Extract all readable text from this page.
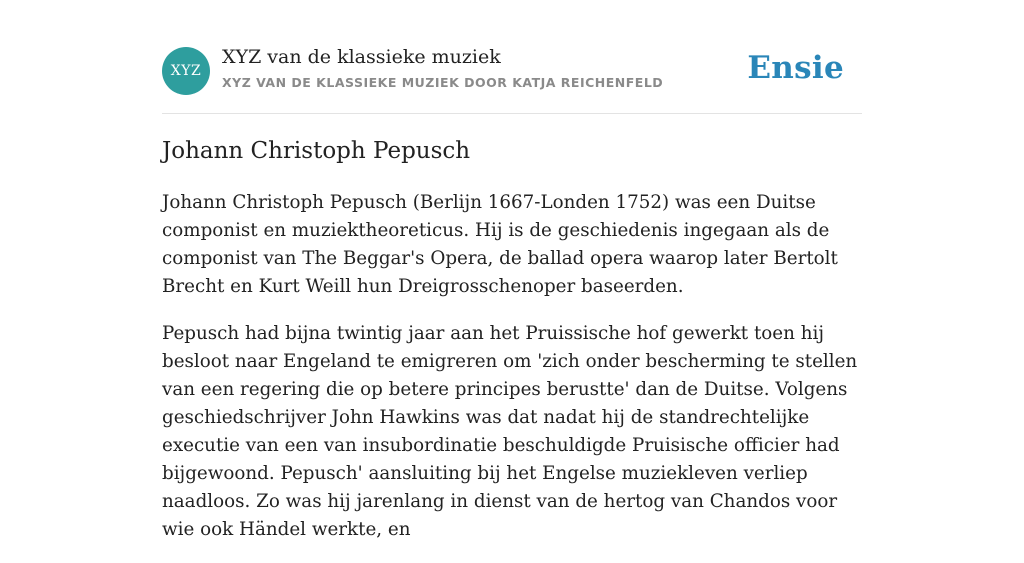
XYZ
XYZ van de klassieke muziek
XYZ VAN DE KLASSIEKE MUZIEK DOOR KATJA REICHENFELD	Ensie
Johann Christoph Pepusch

Johann Christoph Pepusch (Berlijn 1667-Londen 1752) was een Duitse componist en muziektheoreticus. Hij is de geschiedenis ingegaan als de componist van The Beggar's Opera, de ballad opera waarop later Bertolt Brecht en Kurt Weill hun Dreigrosschenoper baseerden.

Pepusch had bijna twintig jaar aan het Pruissische hof gewerkt toen hij besloot naar Engeland te emigreren om 'zich onder bescherming te stellen van een regering die op betere principes berustte' dan de Duitse. Volgens geschiedschrijver John Hawkins was dat nadat hij de standrechtelijke executie van een van insubordinatie beschuldigde Pruisische officier had bijgewoond. Pepusch' aansluiting bij het Engelse muziekleven verliep naadloos. Zo was hij jarenlang in dienst van de hertog van Chandos voor wie ook Händel werkte, en
